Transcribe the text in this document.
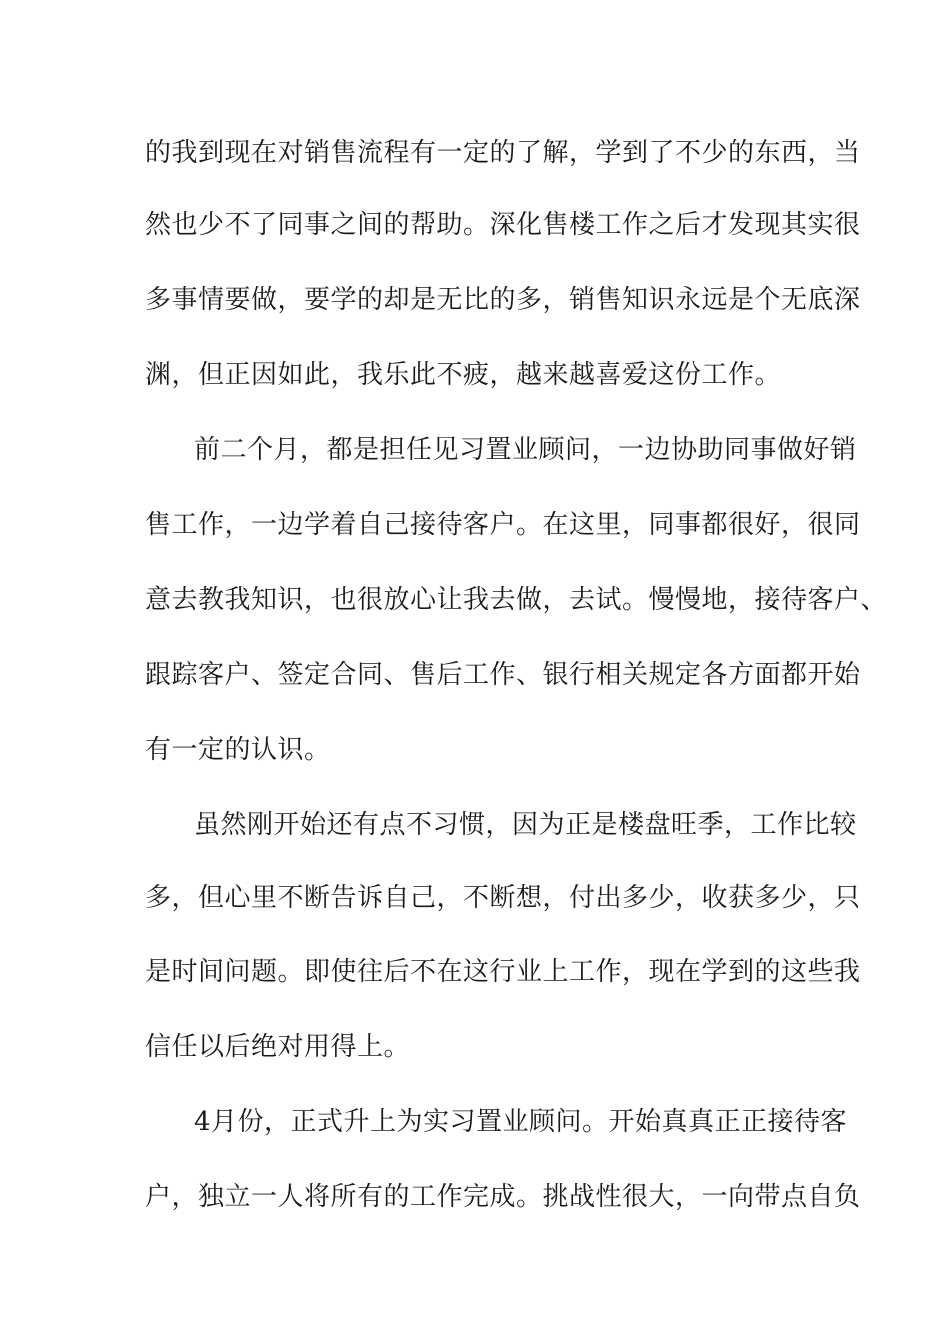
的我到现在对销售流程有一定的了解，学到了不少的东西，当
然也少不了同事之间的帮助。深化售楼工作之后才发现其实很
多事情要做，要学的却是无比的多，销售知识永远是个无底深
渊，但正因如此，我乐此不疲，越来越喜爱这份工作。
前二个月，都是担任见习置业顾问，一边协助同事做好销
售工作，一边学着自己接待客户。在这里，同事都很好，很同
意去教我知识，也很放心让我去做，去试。慢慢地，接待客户、
跟踪客户、签定合同、售后工作、银行相关规定各方面都开始
有一定的认识。
虽然刚开始还有点不习惯，因为正是楼盘旺季，工作比较
多，但心里不断告诉自己，不断想，付出多少，收获多少，只
是时间问题。即使往后不在这行业上工作，现在学到的这些我
信任以后绝对用得上。
4月份，正式升上为实习置业顾问。开始真真正正接待客
户，独立一人将所有的工作完成。挑战性很大，一向带点自负
